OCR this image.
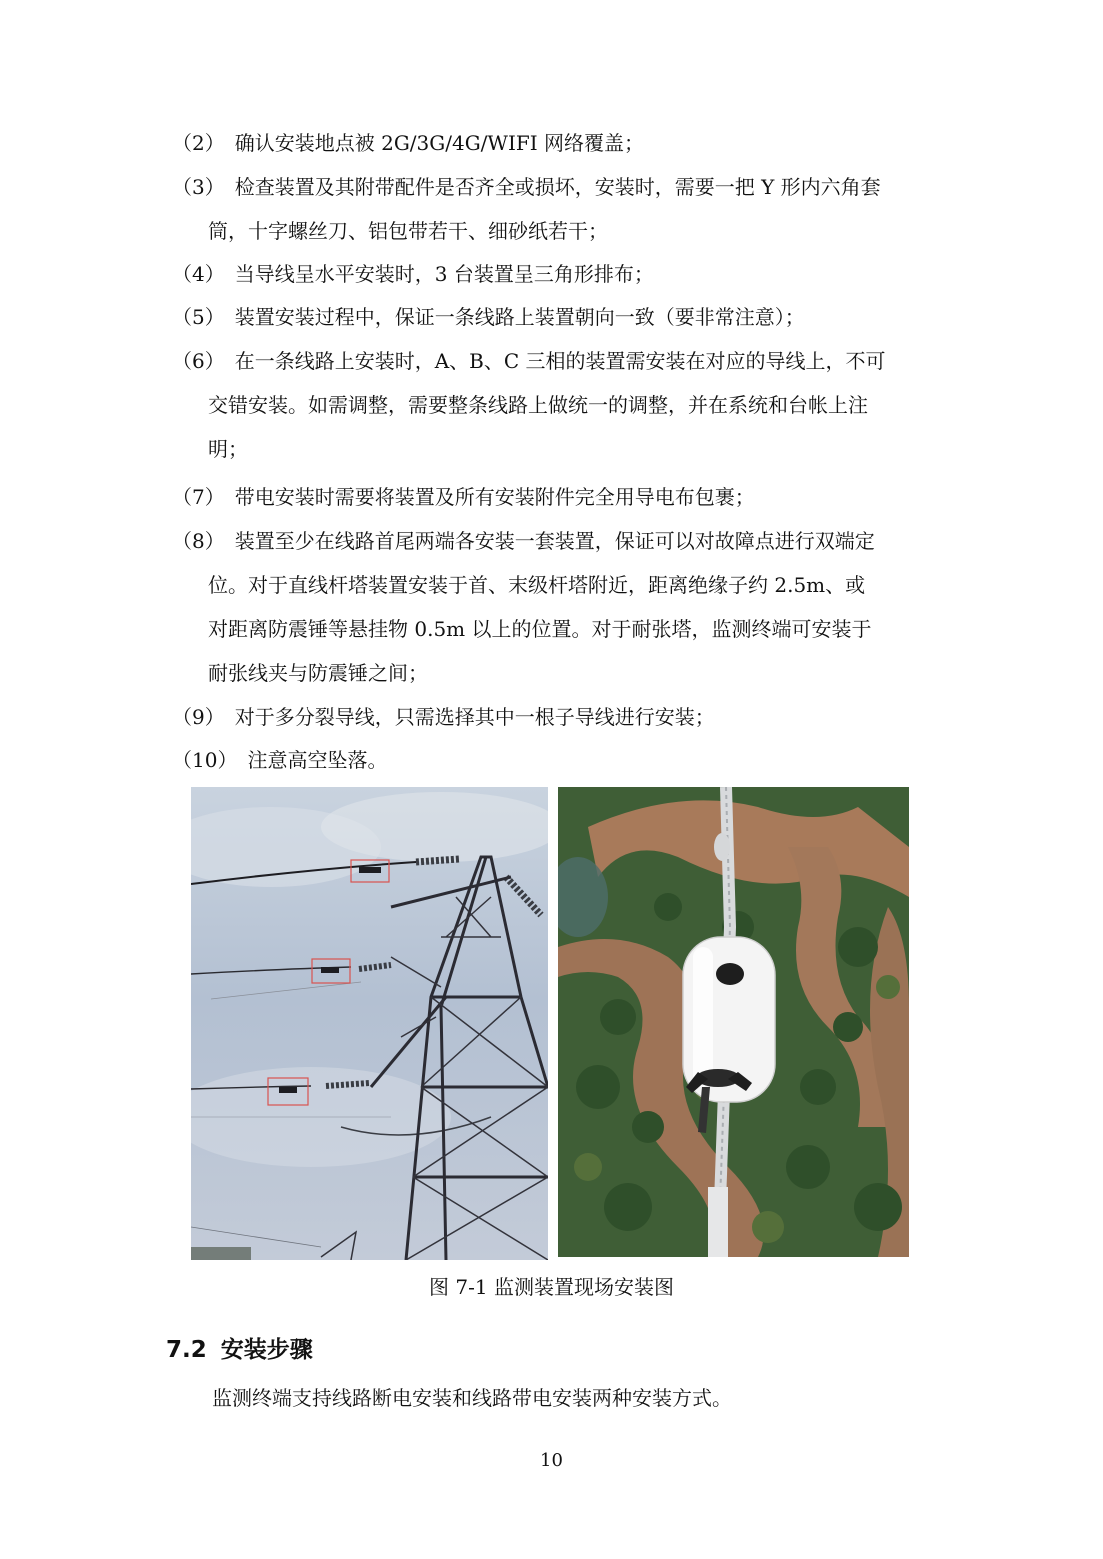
（2） 确认安装地点被 2G/3G/4G/WIFI 网络覆盖；
（3） 检查装置及其附带配件是否齐全或损坏，安装时，需要一把 Y 形内六角套
筒，十字螺丝刀、铝包带若干、细砂纸若干；
（4） 当导线呈水平安装时，3 台装置呈三角形排布；
（5） 装置安装过程中，保证一条线路上装置朝向一致（要非常注意）；
（6） 在一条线路上安装时，A、B、C 三相的装置需安装在对应的导线上，不可
交错安装。如需调整，需要整条线路上做统一的调整，并在系统和台帐上注
明；
（7） 带电安装时需要将装置及所有安装附件完全用导电布包裹；
（8） 装置至少在线路首尾两端各安装一套装置，保证可以对故障点进行双端定
位。对于直线杆塔装置安装于首、末级杆塔附近，距离绝缘子约 2.5m、或
对距离防震锤等悬挂物 0.5m 以上的位置。对于耐张塔，监测终端可安装于
耐张线夹与防震锤之间；
（9） 对于多分裂导线，只需选择其中一根子导线进行安装；
（10） 注意高空坠落。
图 7-1 监测装置现场安装图
7.2 安装步骤
监测终端支持线路断电安装和线路带电安装两种安装方式。
10
